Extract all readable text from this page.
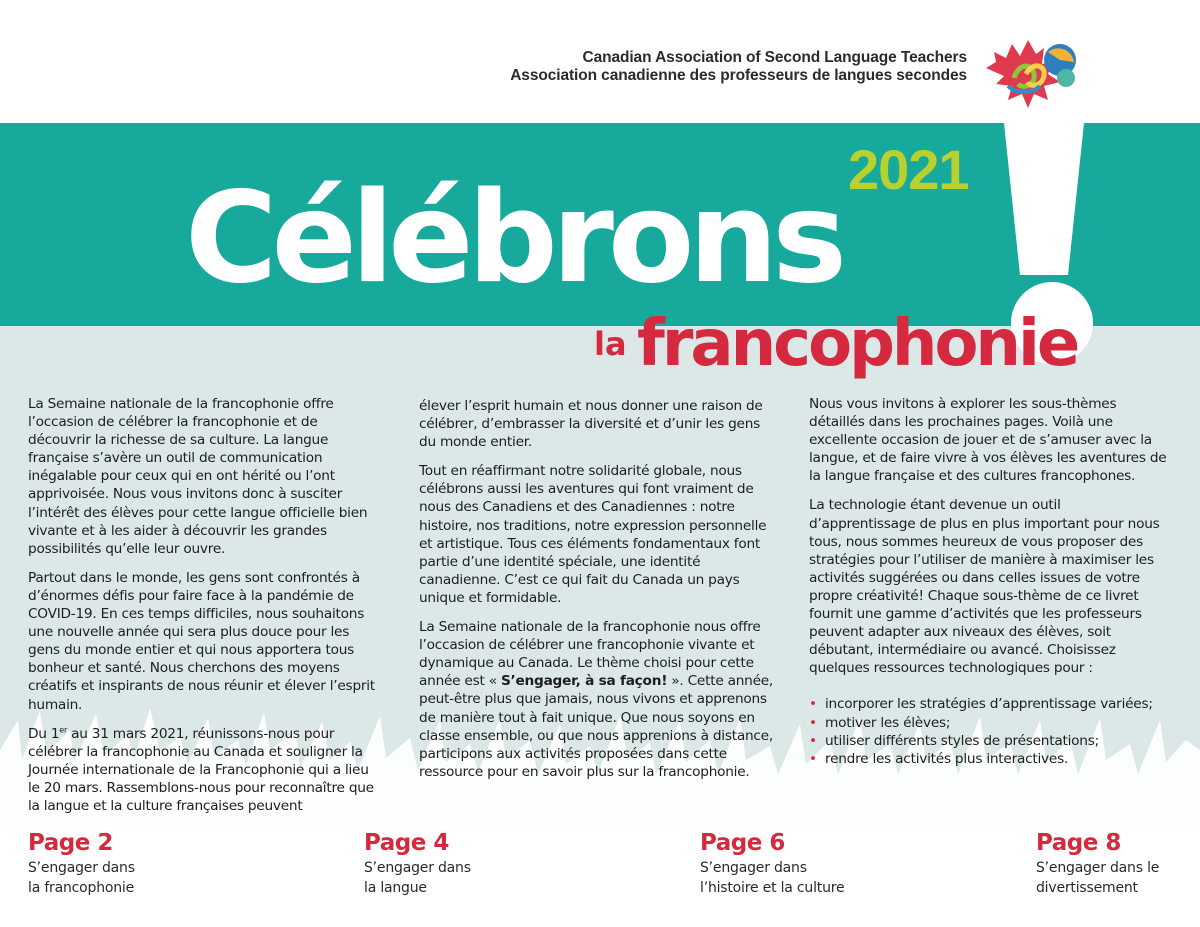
Canadian Association of Second Language Teachers
Association canadienne des professeurs de langues secondes
2021
Célébrons
la francophonie

La Semaine nationale de la francophonie offre l’occasion de célébrer la francophonie et de découvrir la richesse de sa culture. La langue française s’avère un outil de communication inégalable pour ceux qui en ont hérité ou l’ont apprivoisée. Nous vous invitons donc à susciter l’intérêt des élèves pour cette langue officielle bien vivante et à les aider à découvrir les grandes possibilités qu’elle leur ouvre.

Partout dans le monde, les gens sont confrontés à d’énormes défis pour faire face à la pandémie de COVID-19. En ces temps difficiles, nous souhaitons une nouvelle année qui sera plus douce pour les gens du monde entier et qui nous apportera tous bonheur et santé. Nous cherchons des moyens créatifs et inspirants de nous réunir et élever l’esprit humain.

Du 1er au 31 mars 2021, réunissons-nous pour célébrer la francophonie au Canada et souligner la Journée internationale de la Francophonie qui a lieu le 20 mars. Rassemblons-nous pour reconnaître que la langue et la culture françaises peuvent

élever l’esprit humain et nous donner une raison de célébrer, d’embrasser la diversité et d’unir les gens du monde entier.

Tout en réaffirmant notre solidarité globale, nous célébrons aussi les aventures qui font vraiment de nous des Canadiens et des Canadiennes : notre histoire, nos traditions, notre expression personnelle et artistique. Tous ces éléments fondamentaux font partie d’une identité spéciale, une identité canadienne. C’est ce qui fait du Canada un pays unique et formidable.

La Semaine nationale de la francophonie nous offre l’occasion de célébrer une francophonie vivante et dynamique au Canada. Le thème choisi pour cette année est « S’engager, à sa façon! ». Cette année, peut-être plus que jamais, nous vivons et apprenons de manière tout à fait unique. Que nous soyons en classe ensemble, ou que nous apprenions à distance, participons aux activités proposées dans cette ressource pour en savoir plus sur la francophonie.

Nous vous invitons à explorer les sous-thèmes détaillés dans les prochaines pages. Voilà une excellente occasion de jouer et de s’amuser avec la langue, et de faire vivre à vos élèves les aventures de la langue française et des cultures francophones.

La technologie étant devenue un outil d’apprentissage de plus en plus important pour nous tous, nous sommes heureux de vous proposer des stratégies pour l’utiliser de manière à maximiser les activités suggérées ou dans celles issues de votre propre créativité! Chaque sous-thème de ce livret fournit une gamme d’activités que les professeurs peuvent adapter aux niveaux des élèves, soit débutant, intermédiaire ou avancé. Choisissez quelques ressources technologiques pour :

• incorporer les stratégies d’apprentissage variées;
• motiver les élèves;
• utiliser différents styles de présentations;
• rendre les activités plus interactives.
Page 2
S’engager dans
la francophonie
Page 4
S’engager dans
la langue
Page 6
S’engager dans
l’histoire et la culture
Page 8
S’engager dans le
divertissement
